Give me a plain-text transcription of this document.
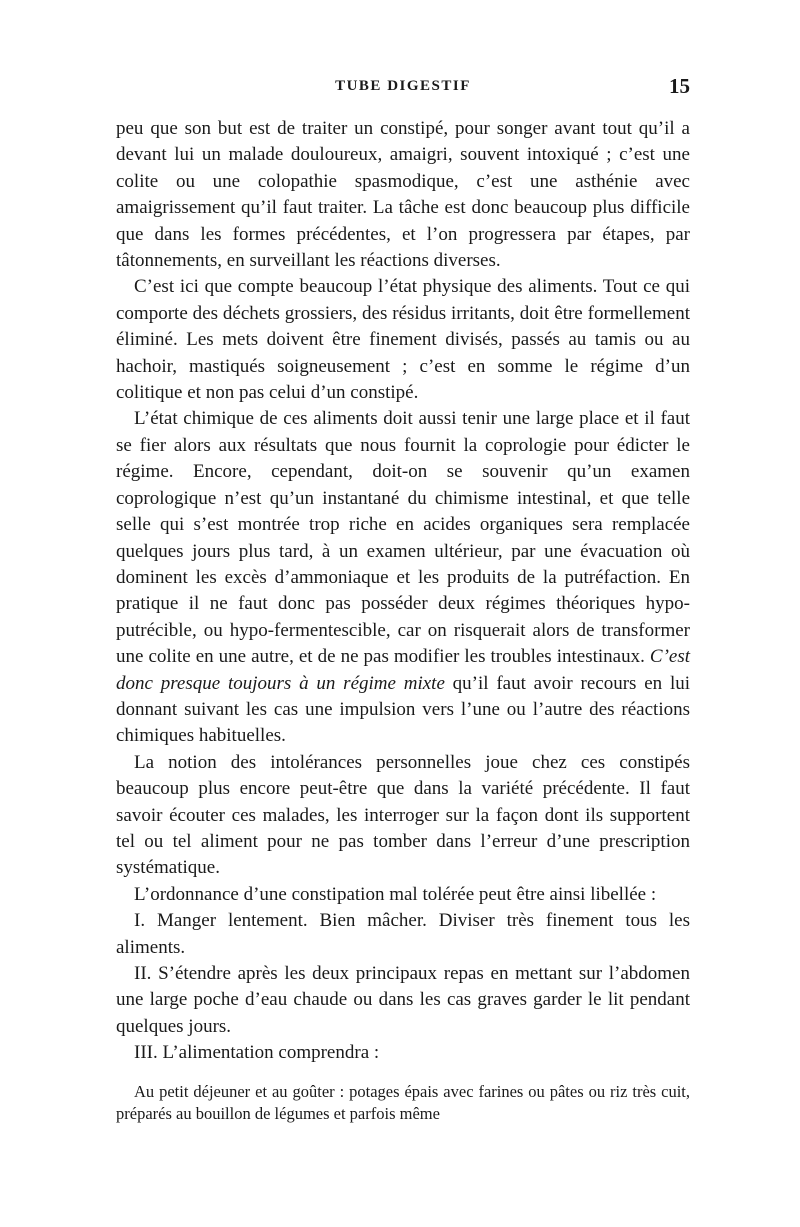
TUBE DIGESTIF	15

peu que son but est de traiter un constipé, pour songer avant tout qu’il a devant lui un malade douloureux, amaigri, souvent intoxiqué ; c’est une colite ou une colopathie spasmodique, c’est une asthénie avec amaigrissement qu’il faut traiter. La tâche est donc beaucoup plus difficile que dans les formes précédentes, et l’on progressera par étapes, par tâtonnements, en surveillant les réactions diverses.

C’est ici que compte beaucoup l’état physique des aliments. Tout ce qui comporte des déchets grossiers, des résidus irritants, doit être formellement éliminé. Les mets doivent être finement divisés, passés au tamis ou au hachoir, mastiqués soigneusement ; c’est en somme le régime d’un colitique et non pas celui d’un constipé.

L’état chimique de ces aliments doit aussi tenir une large place et il faut se fier alors aux résultats que nous fournit la coprologie pour édicter le régime. Encore, cependant, doit-on se souvenir qu’un examen coprologique n’est qu’un instantané du chimisme intestinal, et que telle selle qui s’est montrée trop riche en acides organiques sera remplacée quelques jours plus tard, à un examen ultérieur, par une évacuation où dominent les excès d’ammoniaque et les produits de la putréfaction. En pratique il ne faut donc pas posséder deux régimes théoriques hypo-putrécible, ou hypo-fermentescible, car on risquerait alors de transformer une colite en une autre, et de ne pas modifier les troubles intestinaux. C’est donc presque toujours à un régime mixte qu’il faut avoir recours en lui donnant suivant les cas une impulsion vers l’une ou l’autre des réactions chimiques habituelles.

La notion des intolérances personnelles joue chez ces constipés beaucoup plus encore peut-être que dans la variété précédente. Il faut savoir écouter ces malades, les interroger sur la façon dont ils supportent tel ou tel aliment pour ne pas tomber dans l’erreur d’une prescription systématique.

L’ordonnance d’une constipation mal tolérée peut être ainsi libellée :

I. Manger lentement. Bien mâcher. Diviser très finement tous les aliments.

II. S’étendre après les deux principaux repas en mettant sur l’abdomen une large poche d’eau chaude ou dans les cas graves garder le lit pendant quelques jours.

III. L’alimentation comprendra :

Au petit déjeuner et au goûter : potages épais avec farines ou pâtes ou riz très cuit, préparés au bouillon de légumes et parfois même
